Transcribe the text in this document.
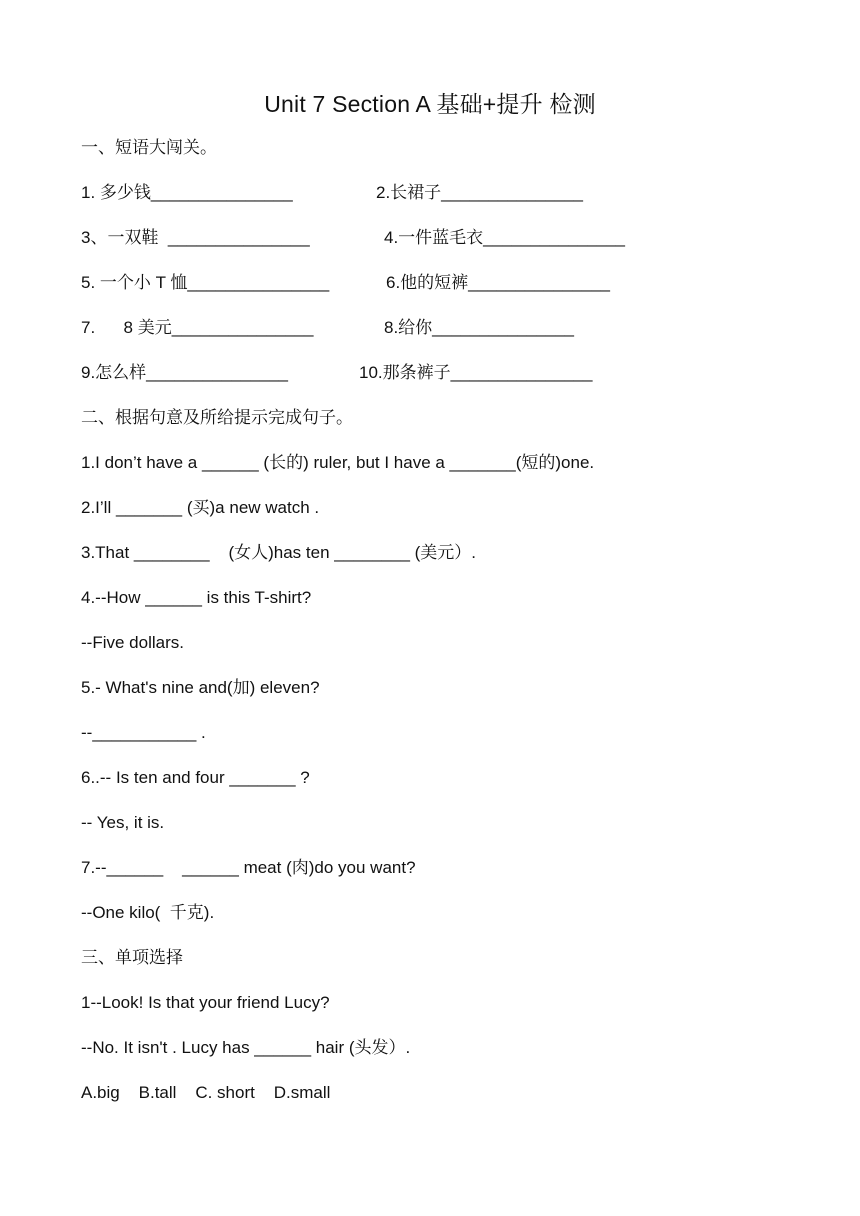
Unit 7 Section A 基础+提升 检测
一、短语大闯关。
1. 多少钱_______________	2.长裙子_______________
3、一双鞋  _______________	4.一件蓝毛衣_______________
5. 一个小 T 恤_______________	6.他的短裤_______________
7.      8 美元_______________	8.给你_______________
9.怎么样_______________	10.那条裤子_______________
二、根据句意及所给提示完成句子。
1.I don’t have a ______ (长的) ruler, but I have a _______(短的)one.
2.I’ll _______ (买)a new watch .
3.That ________    (女人)has ten ________ (美元）.
4.--How ______ is this T-shirt?
--Five dollars.
5.- What's nine and(加) eleven?
--___________ .
6..-- Is ten and four _______ ?
-- Yes, it is.
7.--______    ______ meat (肉)do you want?
--One kilo(  千克).
三、单项选择
1--Look! Is that your friend Lucy?
--No. It isn't . Lucy has ______ hair (头发）.
A.big    B.tall    C. short    D.small
